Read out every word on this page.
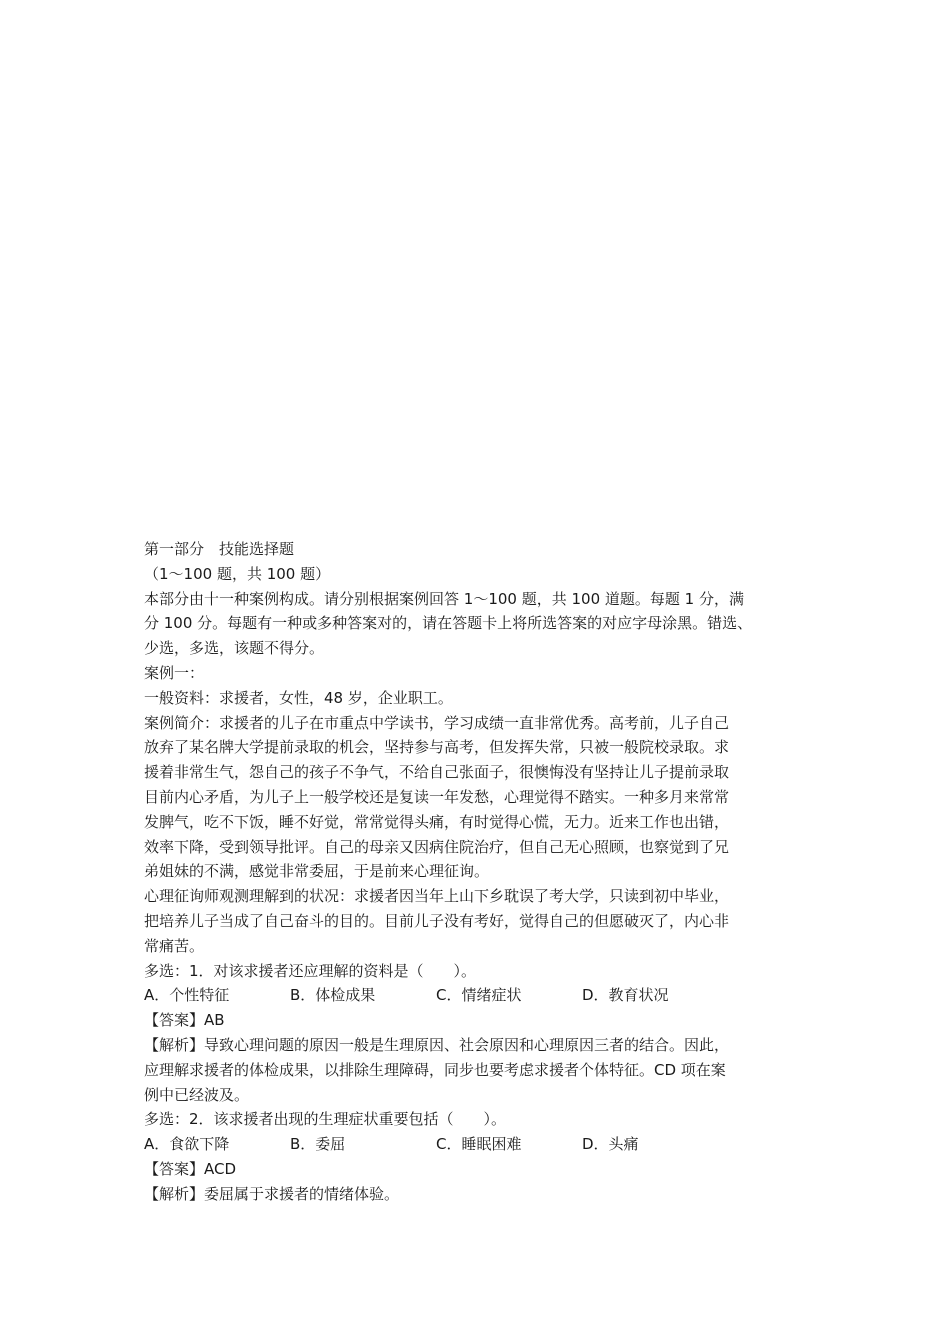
第一部分　技能选择题
（1～100 题，共 100 题）
本部分由十一种案例构成。请分别根据案例回答 1～100 题，共 100 道题。每题 1 分，满
分 100 分。每题有一种或多种答案对的，请在答题卡上将所选答案的对应字母涂黑。错选、
少选，多选，该题不得分。
案例一：
一般资料：求援者，女性，48 岁，企业职工。
案例简介：求援者的儿子在市重点中学读书，学习成绩一直非常优秀。高考前，儿子自己
放弃了某名牌大学提前录取的机会，坚持参与高考，但发挥失常，只被一般院校录取。求
援着非常生气，怨自己的孩子不争气，不给自己张面子，很懊悔没有坚持让儿子提前录取
目前内心矛盾，为儿子上一般学校还是复读一年发愁，心理觉得不踏实。一种多月来常常
发脾气，吃不下饭，睡不好觉，常常觉得头痛，有时觉得心慌，无力。近来工作也出错，
效率下降，受到领导批评。自己的母亲又因病住院治疗，但自己无心照顾，也察觉到了兄
弟姐妹的不满，感觉非常委屈，于是前来心理征询。
心理征询师观测理解到的状况：求援者因当年上山下乡耽误了考大学，只读到初中毕业，
把培养儿子当成了自己奋斗的目的。目前儿子没有考好，觉得自己的但愿破灭了，内心非
常痛苦。
多选：1．对该求援者还应理解的资料是（　　）。
A．个性特征	B．体检成果	C．情绪症状	D．教育状况
【答案】AB
【解析】导致心理问题的原因一般是生理原因、社会原因和心理原因三者的结合。因此，
应理解求援者的体检成果，以排除生理障碍，同步也要考虑求援者个体特征。CD 项在案
例中已经波及。
多选：2．该求援者出现的生理症状重要包括（　　）。
A．食欲下降	B．委屈	C．睡眠困难	D．头痛
【答案】ACD
【解析】委屈属于求援者的情绪体验。
